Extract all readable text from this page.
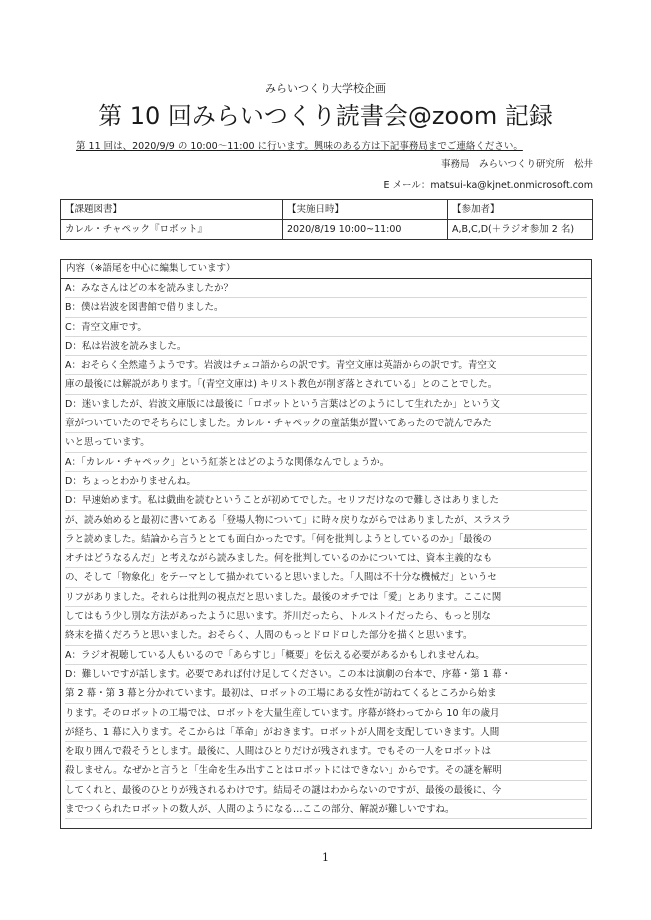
みらいつくり大学校企画
第 10 回みらいつくり読書会@zoom 記録
第 11 回は、2020/9/9 の 10:00〜11:00 に行います。興味のある方は下記事務局までご連絡ください。
事務局　みらいつくり研究所　松井
E メール：matsui-ka@kjnet.onmicrosoft.com
【課題図書】	【実施日時】	【参加者】
カレル・チャペック『ロボット』	2020/8/19 10:00~11:00	A,B,C,D(＋ラジオ参加 2 名)
内容（※語尾を中心に編集しています）
A：みなさんはどの本を読みましたか？
B：僕は岩波を図書館で借りました。
C：青空文庫です。
D：私は岩波を読みました。
A：おそらく全然違うようです。岩波はチェコ語からの訳です。青空文庫は英語からの訳です。青空文
庫の最後には解説があります。「(青空文庫は) キリスト教色が削ぎ落とされている」とのことでした。
D：迷いましたが、岩波文庫版には最後に「ロボットという言葉はどのようにして生れたか」という文
章がついていたのでそちらにしました。カレル・チャペックの童話集が置いてあったので読んでみた
いと思っています。
A：「カレル・チャペック」という紅茶とはどのような関係なんでしょうか。
D：ちょっとわかりませんね。
D：早速始めます。私は戯曲を読むということが初めてでした。セリフだけなので難しさはありました
が、読み始めると最初に書いてある「登場人物について」に時々戻りながらではありましたが、スラスラ
ラと読めました。結論から言うととても面白かったです。「何を批判しようとしているのか」「最後の
オチはどうなるんだ」と考えながら読みました。何を批判しているのかについては、資本主義的なも
の、そして「物象化」をテーマとして描かれていると思いました。「人間は不十分な機械だ」というセ
リフがありました。それらは批判の視点だと思いました。最後のオチでは「愛」とあります。ここに関
してはもう少し別な方法があったように思います。芥川だったら、トルストイだったら、もっと別な
終末を描くだろうと思いました。おそらく、人間のもっとドロドロした部分を描くと思います。
A：ラジオ視聴している人もいるので「あらすじ」「概要」を伝える必要があるかもしれませんね。
D：難しいですが話します。必要であれば付け足してください。この本は演劇の台本で、序幕・第 1 幕・
第 2 幕・第 3 幕と分かれています。最初は、ロボットの工場にある女性が訪ねてくるところから始ま
ります。そのロボットの工場では、ロボットを大量生産しています。序幕が終わってから 10 年の歳月
が経ち、1 幕に入ります。そこからは「革命」がおきます。ロボットが人間を支配していきます。人間
を取り囲んで殺そうとします。最後に、人間はひとりだけが残されます。でもその一人をロボットは
殺しません。なぜかと言うと「生命を生み出すことはロボットにはできない」からです。その謎を解明
してくれと、最後のひとりが残されるわけです。結局その謎はわからないのですが、最後の最後に、今
までつくられたロボットの数人が、人間のようになる…ここの部分、解説が難しいですね。
1
